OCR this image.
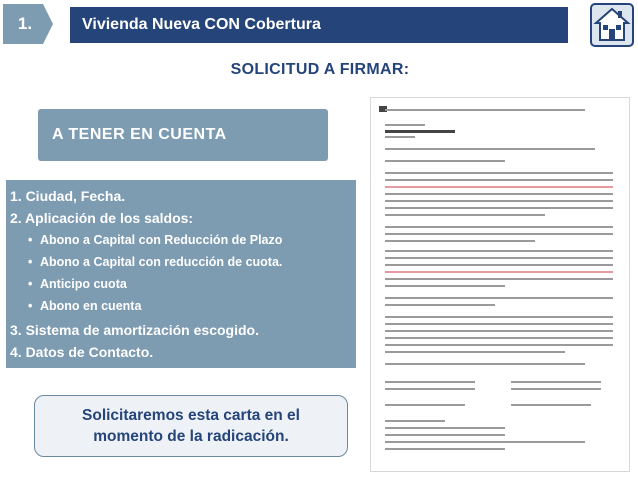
1.	Vivienda Nueva CON Cobertura
SOLICITUD A FIRMAR:
A TENER EN CUENTA
1. Ciudad, Fecha.
2. Aplicación de los saldos:
• Abono a Capital con Reducción de Plazo
• Abono a Capital con reducción de cuota.
• Anticipo cuota
• Abono en cuenta
3. Sistema de amortización escogido.
4. Datos de Contacto.
Solicitaremos esta carta en el
momento de la radicación.
